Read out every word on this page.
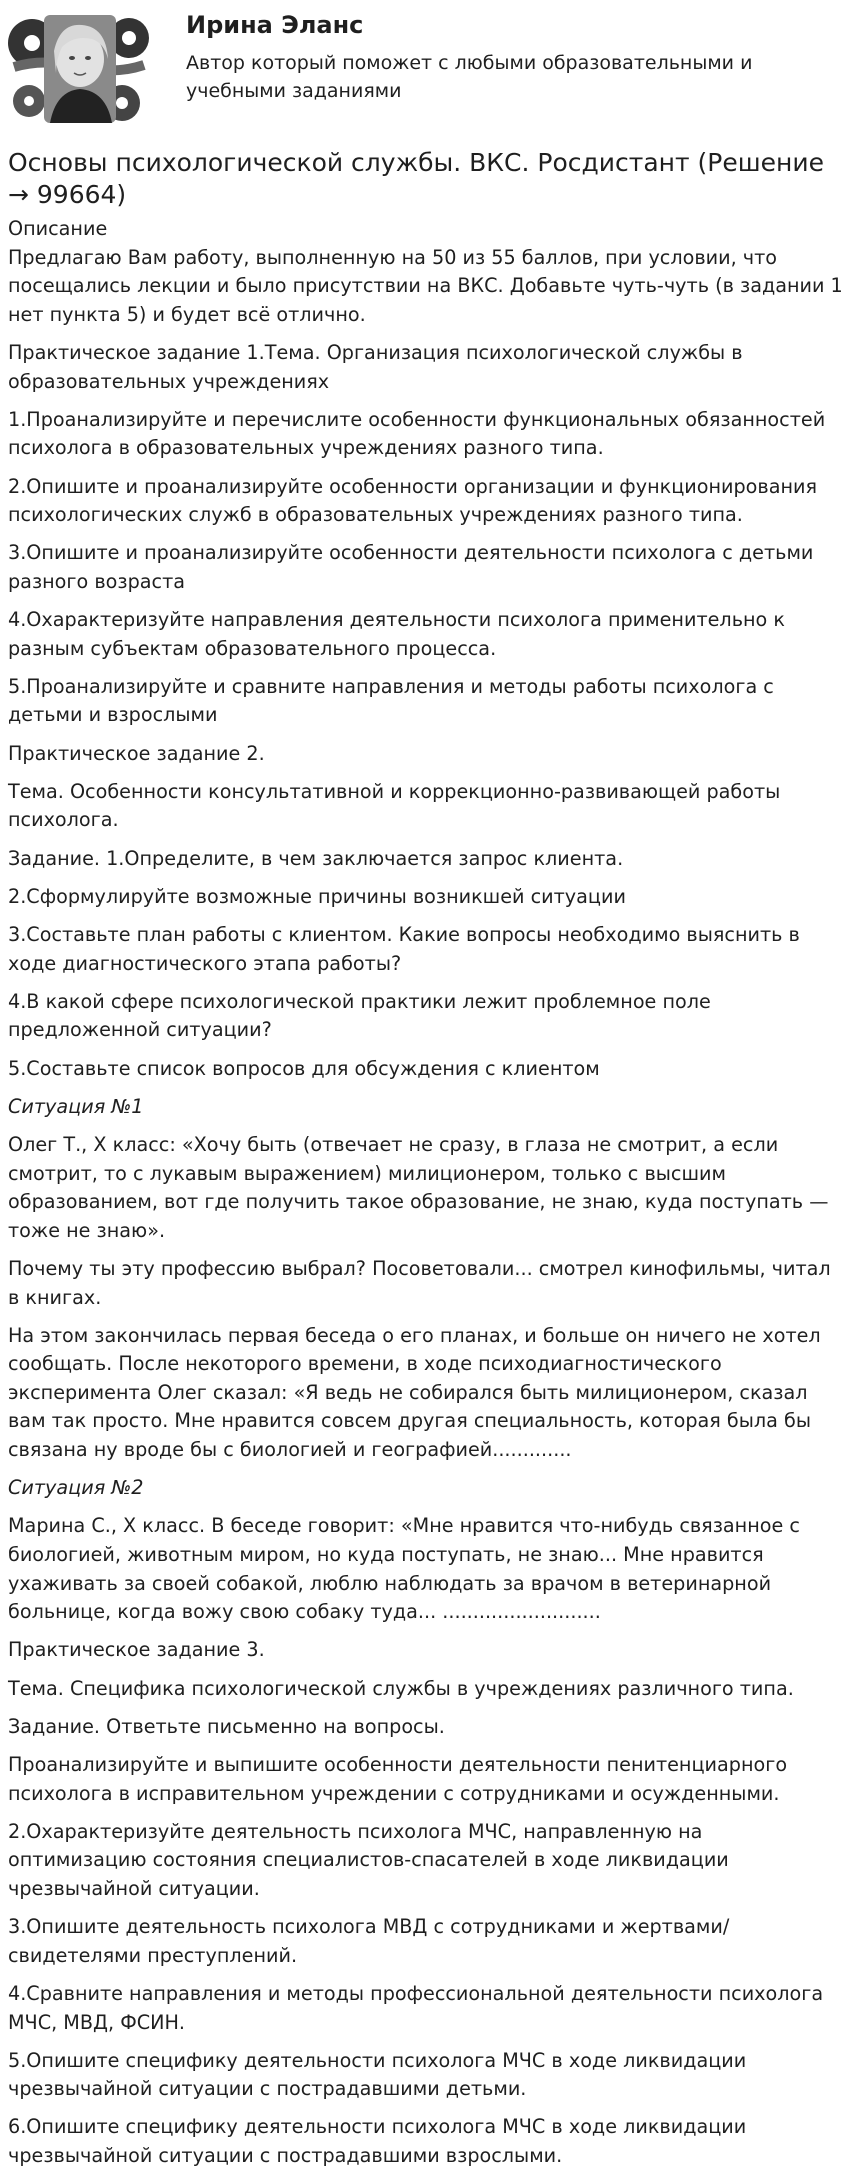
Ирина Эланс
Автор который поможет с любыми образовательными и учебными заданиями
Основы психологической службы. ВКС. Росдистант (Решение → 99664)

Описание

Предлагаю Вам работу, выполненную на 50 из 55 баллов, при условии, что посещались лекции и было присутствии на ВКС. Добавьте чуть-чуть (в задании 1 нет пункта 5) и будет всё отлично.

Практическое задание 1.Тема. Организация психологической службы в образовательных учреждениях

1.Проанализируйте и перечислите особенности функциональных обязанностей психолога в образовательных учреждениях разного типа.

2.Опишите и проанализируйте особенности организации и функционирования психологических служб в образовательных учреждениях разного типа.

3.Опишите и проанализируйте особенности деятельности психолога с детьми разного возраста

4.Охарактеризуйте направления деятельности психолога применительно к разным субъектам образовательного процесса.

5.Проанализируйте и сравните направления и методы работы психолога с детьми и взрослыми

Практическое задание 2.

Тема. Особенности консультативной и коррекционно-развивающей работы психолога.

Задание. 1.Определите, в чем заключается запрос клиента.

2.Сформулируйте возможные причины возникшей ситуации

3.Составьте план работы с клиентом. Какие вопросы необходимо выяснить в ходе диагностического этапа работы?

4.В какой сфере психологической практики лежит проблемное поле предложенной ситуации?

5.Составьте список вопросов для обсуждения с клиентом

Ситуация №1

Олег Т., X класс: «Хочу быть (отвечает не сразу, в глаза не смотрит, а если смотрит, то с лукавым выражением) милиционером, только с высшим образованием, вот где получить такое образование, не знаю, куда поступать — тоже не знаю».

Почему ты эту профессию выбрал? Посоветовали... смотрел кинофильмы, читал в книгах.

На этом закончилась первая беседа о его планах, и больше он ничего не хотел сообщать. После некоторого времени, в ходе психодиагностического эксперимента Олег сказал: «Я ведь не собирался быть милиционером, сказал вам так просто. Мне нравится совсем другая специальность, которая была бы связана ну вроде бы с биологией и географией.............

Ситуация №2

Марина С., X класс. В беседе говорит: «Мне нравится что-нибудь связанное с биологией, животным миром, но куда поступать, не знаю... Мне нравится ухаживать за своей собакой, люблю наблюдать за врачом в ветеринарной больнице, когда вожу свою собаку туда... ..........................

Практическое задание 3.

Тема. Специфика психологической службы в учреждениях различного типа.

Задание. Ответьте письменно на вопросы.

Проанализируйте и выпишите особенности деятельности пенитенциарного психолога в исправительном учреждении с сотрудниками и осужденными.

2.Охарактеризуйте деятельность психолога МЧС, направленную на оптимизацию состояния специалистов-спасателей в ходе ликвидации чрезвычайной ситуации.

3.Опишите деятельность психолога МВД с сотрудниками и жертвами/свидетелями преступлений.

4.Сравните направления и методы профессиональной деятельности психолога МЧС, МВД, ФСИН.

5.Опишите специфику деятельности психолога МЧС в ходе ликвидации чрезвычайной ситуации с пострадавшими детьми.

6.Опишите специфику деятельности психолога МЧС в ходе ликвидации чрезвычайной ситуации с пострадавшими взрослыми.
